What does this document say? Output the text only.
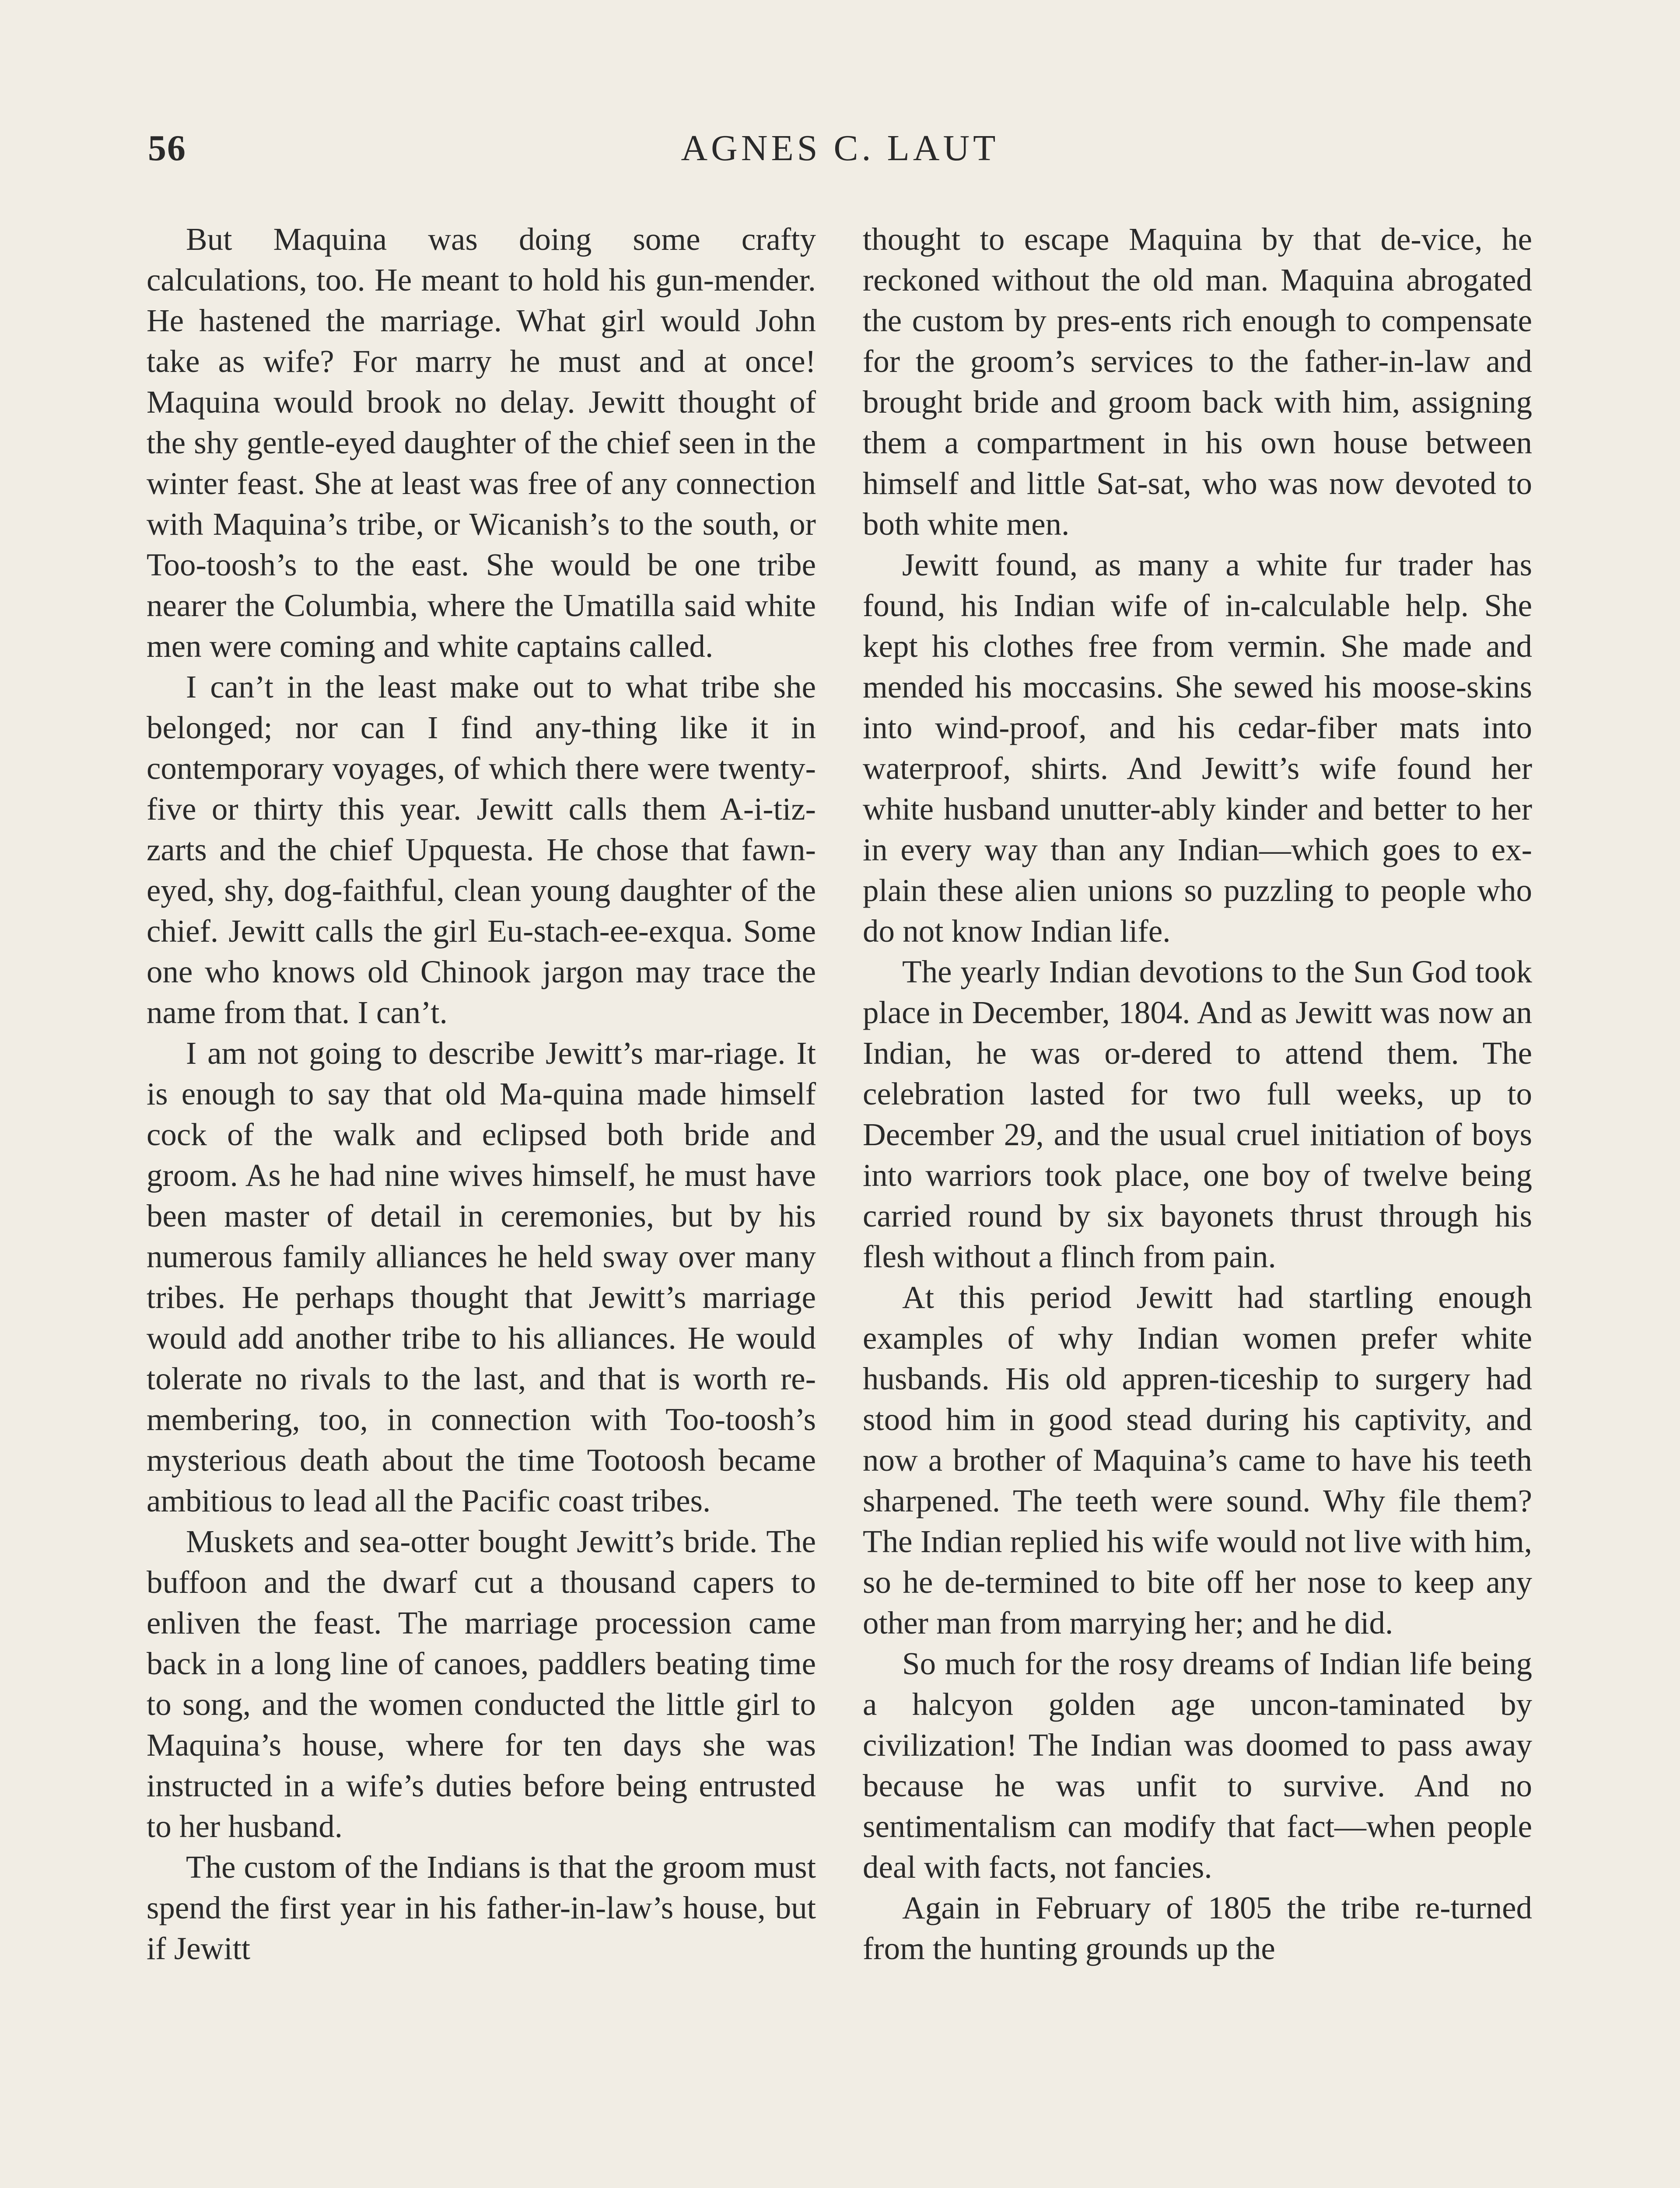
56	AGNES C. LAUT

But Maquina was doing some crafty calculations, too. He meant to hold his gun-mender. He hastened the marriage. What girl would John take as wife? For marry he must and at once! Maquina would brook no delay. Jewitt thought of the shy gentle-eyed daughter of the chief seen in the winter feast. She at least was free of any connection with Maquina’s tribe, or Wicanish’s to the south, or Too-toosh’s to the east. She would be one tribe nearer the Columbia, where the Umatilla said white men were coming and white captains called.

I can’t in the least make out to what tribe she belonged; nor can I find any-thing like it in contemporary voyages, of which there were twenty-five or thirty this year. Jewitt calls them A-i-tiz-zarts and the chief Upquesta. He chose that fawn-eyed, shy, dog-faithful, clean young daughter of the chief. Jewitt calls the girl Eu-stach-ee-exqua. Some one who knows old Chinook jargon may trace the name from that. I can’t.

I am not going to describe Jewitt’s mar-riage. It is enough to say that old Ma-quina made himself cock of the walk and eclipsed both bride and groom. As he had nine wives himself, he must have been master of detail in ceremonies, but by his numerous family alliances he held sway over many tribes. He perhaps thought that Jewitt’s marriage would add another tribe to his alliances. He would tolerate no rivals to the last, and that is worth re-membering, too, in connection with Too-toosh’s mysterious death about the time Tootoosh became ambitious to lead all the Pacific coast tribes.

Muskets and sea-otter bought Jewitt’s bride. The buffoon and the dwarf cut a thousand capers to enliven the feast. The marriage procession came back in a long line of canoes, paddlers beating time to song, and the women conducted the little girl to Maquina’s house, where for ten days she was instructed in a wife’s duties before being entrusted to her husband.

The custom of the Indians is that the groom must spend the first year in his father-in-law’s house, but if Jewitt

thought to escape Maquina by that de-vice, he reckoned without the old man. Maquina abrogated the custom by pres-ents rich enough to compensate for the groom’s services to the father-in-law and brought bride and groom back with him, assigning them a compartment in his own house between himself and little Sat-sat, who was now devoted to both white men.

Jewitt found, as many a white fur trader has found, his Indian wife of in-calculable help. She kept his clothes free from vermin. She made and mended his moccasins. She sewed his moose-skins into wind-proof, and his cedar-fiber mats into waterproof, shirts. And Jewitt’s wife found her white husband unutter-ably kinder and better to her in every way than any Indian—which goes to ex-plain these alien unions so puzzling to people who do not know Indian life.

The yearly Indian devotions to the Sun God took place in December, 1804. And as Jewitt was now an Indian, he was or-dered to attend them. The celebration lasted for two full weeks, up to December 29, and the usual cruel initiation of boys into warriors took place, one boy of twelve being carried round by six bayonets thrust through his flesh without a flinch from pain.

At this period Jewitt had startling enough examples of why Indian women prefer white husbands. His old appren-ticeship to surgery had stood him in good stead during his captivity, and now a brother of Maquina’s came to have his teeth sharpened. The teeth were sound. Why file them? The Indian replied his wife would not live with him, so he de-termined to bite off her nose to keep any other man from marrying her; and he did.

So much for the rosy dreams of Indian life being a halcyon golden age uncon-taminated by civilization! The Indian was doomed to pass away because he was unfit to survive. And no sentimentalism can modify that fact—when people deal with facts, not fancies.

Again in February of 1805 the tribe re-turned from the hunting grounds up the
